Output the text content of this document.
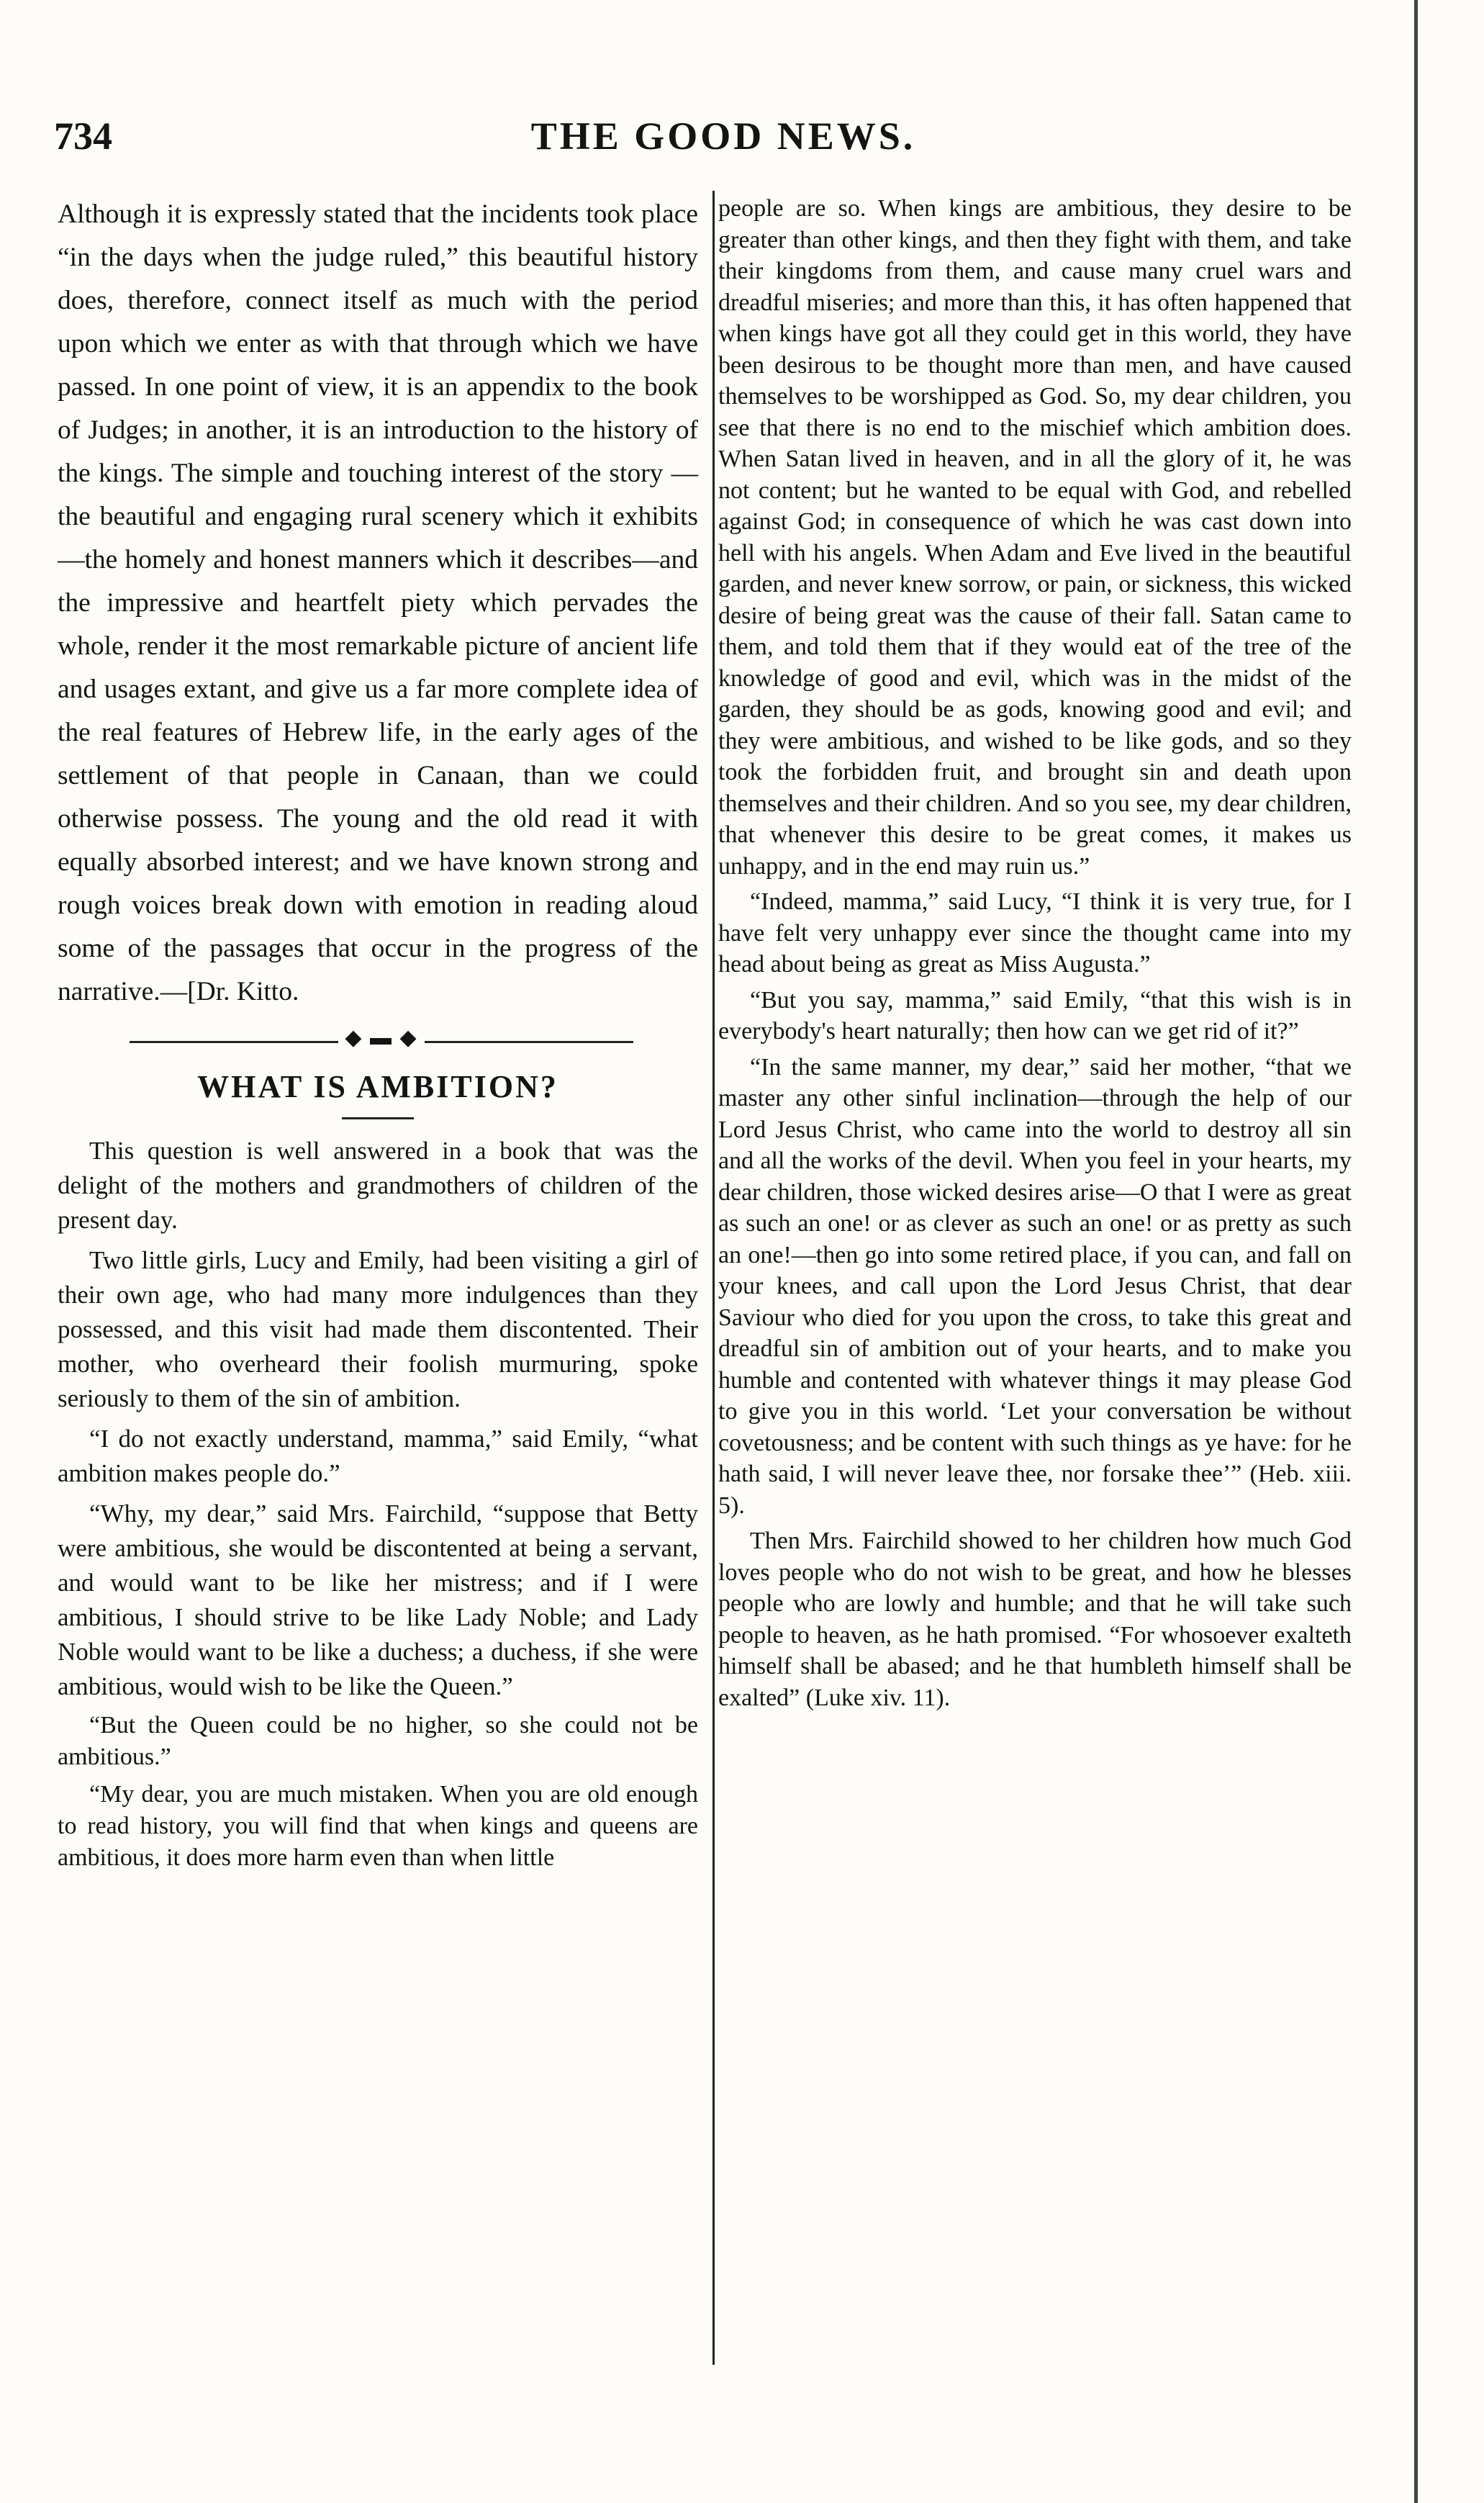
734	THE GOOD NEWS.

Although it is expressly stated that the incidents took place “in the days when the judge ruled,” this beautiful history does, therefore, connect itself as much with the period upon which we enter as with that through which we have passed. In one point of view, it is an appendix to the book of Judges; in another, it is an introduction to the history of the kings. The simple and touching interest of the story —the beautiful and engaging rural scenery which it exhibits—the homely and honest manners which it describes—and the impressive and heartfelt piety which pervades the whole, render it the most remarkable picture of ancient life and usages extant, and give us a far more complete idea of the real features of Hebrew life, in the early ages of the settlement of that people in Canaan, than we could otherwise possess. The young and the old read it with equally absorbed interest; and we have known strong and rough voices break down with emotion in reading aloud some of the passages that occur in the progress of the narrative.—[Dr. Kitto.

◆ ▬ ◆
WHAT IS AMBITION?

This question is well answered in a book that was the delight of the mothers and grandmothers of children of the present day.

Two little girls, Lucy and Emily, had been visiting a girl of their own age, who had many more indulgences than they possessed, and this visit had made them discontented. Their mother, who overheard their foolish murmuring, spoke seriously to them of the sin of ambition.

“I do not exactly understand, mamma,” said Emily, “what ambition makes people do.”

“Why, my dear,” said Mrs. Fairchild, “suppose that Betty were ambitious, she would be discontented at being a servant, and would want to be like her mistress; and if I were ambitious, I should strive to be like Lady Noble; and Lady Noble would want to be like a duchess; a duchess, if she were ambitious, would wish to be like the Queen.”

“But the Queen could be no higher, so she could not be ambitious.”

“My dear, you are much mistaken. When you are old enough to read history, you will find that when kings and queens are ambitious, it does more harm even than when little

people are so. When kings are ambitious, they desire to be greater than other kings, and then they fight with them, and take their kingdoms from them, and cause many cruel wars and dreadful miseries; and more than this, it has often happened that when kings have got all they could get in this world, they have been desirous to be thought more than men, and have caused themselves to be worshipped as God. So, my dear children, you see that there is no end to the mischief which ambition does. When Satan lived in heaven, and in all the glory of it, he was not content; but he wanted to be equal with God, and rebelled against God; in consequence of which he was cast down into hell with his angels. When Adam and Eve lived in the beautiful garden, and never knew sorrow, or pain, or sickness, this wicked desire of being great was the cause of their fall. Satan came to them, and told them that if they would eat of the tree of the knowledge of good and evil, which was in the midst of the garden, they should be as gods, knowing good and evil; and they were ambitious, and wished to be like gods, and so they took the forbidden fruit, and brought sin and death upon themselves and their children. And so you see, my dear children, that whenever this desire to be great comes, it makes us unhappy, and in the end may ruin us.”

“Indeed, mamma,” said Lucy, “I think it is very true, for I have felt very unhappy ever since the thought came into my head about being as great as Miss Augusta.”

“But you say, mamma,” said Emily, “that this wish is in everybody's heart naturally; then how can we get rid of it?”

“In the same manner, my dear,” said her mother, “that we master any other sinful inclination—through the help of our Lord Jesus Christ, who came into the world to destroy all sin and all the works of the devil. When you feel in your hearts, my dear children, those wicked desires arise—O that I were as great as such an one! or as clever as such an one! or as pretty as such an one!—then go into some retired place, if you can, and fall on your knees, and call upon the Lord Jesus Christ, that dear Saviour who died for you upon the cross, to take this great and dreadful sin of ambition out of your hearts, and to make you humble and contented with whatever things it may please God to give you in this world. ‘Let your conversation be without covetousness; and be content with such things as ye have: for he hath said, I will never leave thee, nor forsake thee’” (Heb. xiii. 5).

Then Mrs. Fairchild showed to her children how much God loves people who do not wish to be great, and how he blesses people who are lowly and humble; and that he will take such people to heaven, as he hath promised. “For whosoever exalteth himself shall be abased; and he that humbleth himself shall be exalted” (Luke xiv. 11).
